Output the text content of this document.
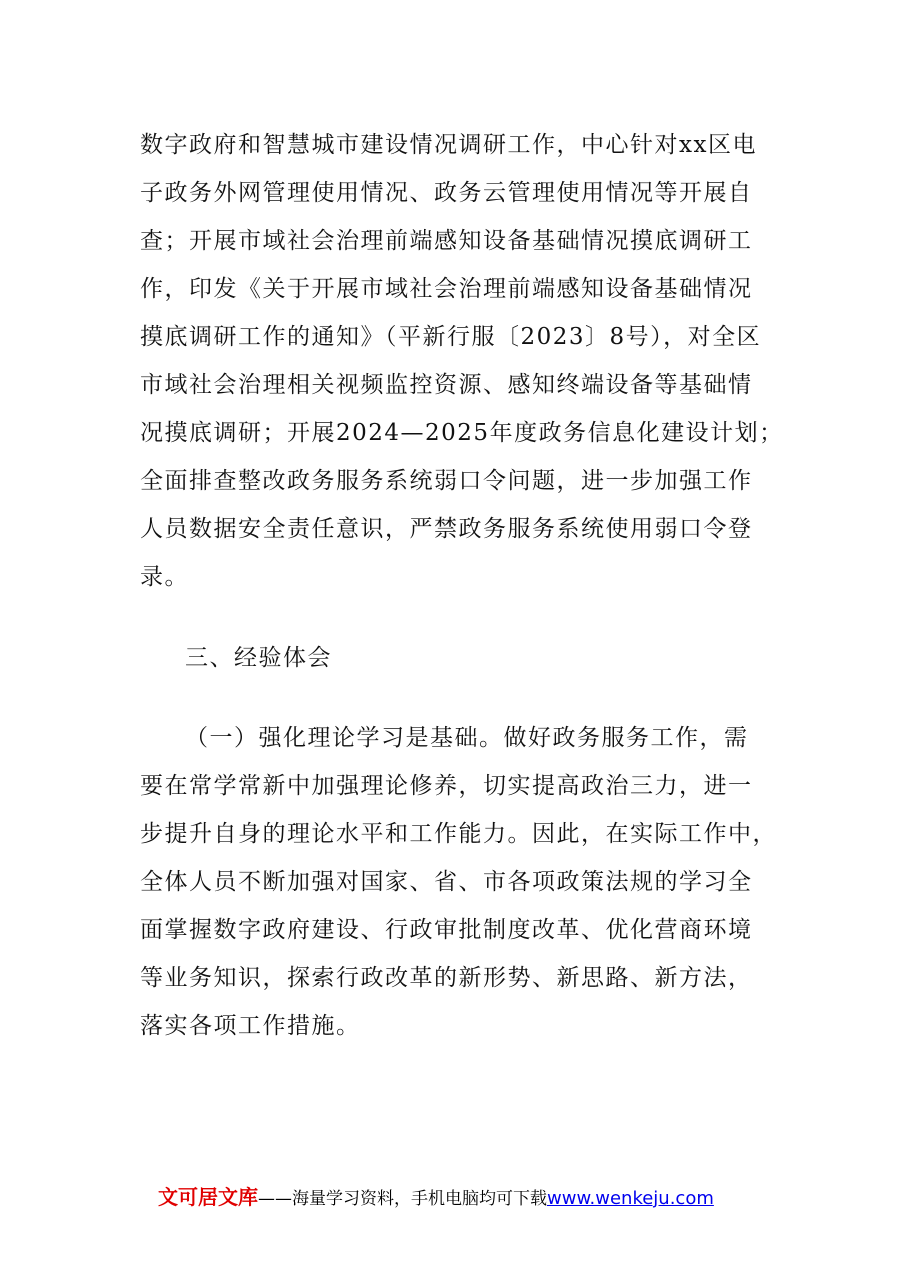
数字政府和智慧城市建设情况调研工作，中心针对xx区电
子政务外网管理使用情况、政务云管理使用情况等开展自
查；开展市域社会治理前端感知设备基础情况摸底调研工
作，印发《关于开展市域社会治理前端感知设备基础情况
摸底调研工作的通知》（平新行服〔2023〕8号），对全区
市域社会治理相关视频监控资源、感知终端设备等基础情
况摸底调研；开展2024—2025年度政务信息化建设计划；
全面排查整改政务服务系统弱口令问题，进一步加强工作
人员数据安全责任意识，严禁政务服务系统使用弱口令登
录。
三、经验体会
（一）强化理论学习是基础。做好政务服务工作，需
要在常学常新中加强理论修养，切实提高政治三力，进一
步提升自身的理论水平和工作能力。因此，在实际工作中，
全体人员不断加强对国家、省、市各项政策法规的学习全
面掌握数字政府建设、行政审批制度改革、优化营商环境
等业务知识，探索行政改革的新形势、新思路、新方法，
落实各项工作措施。
文可居文库——海量学习资料，手机电脑均可下载www.wenkeju.com
